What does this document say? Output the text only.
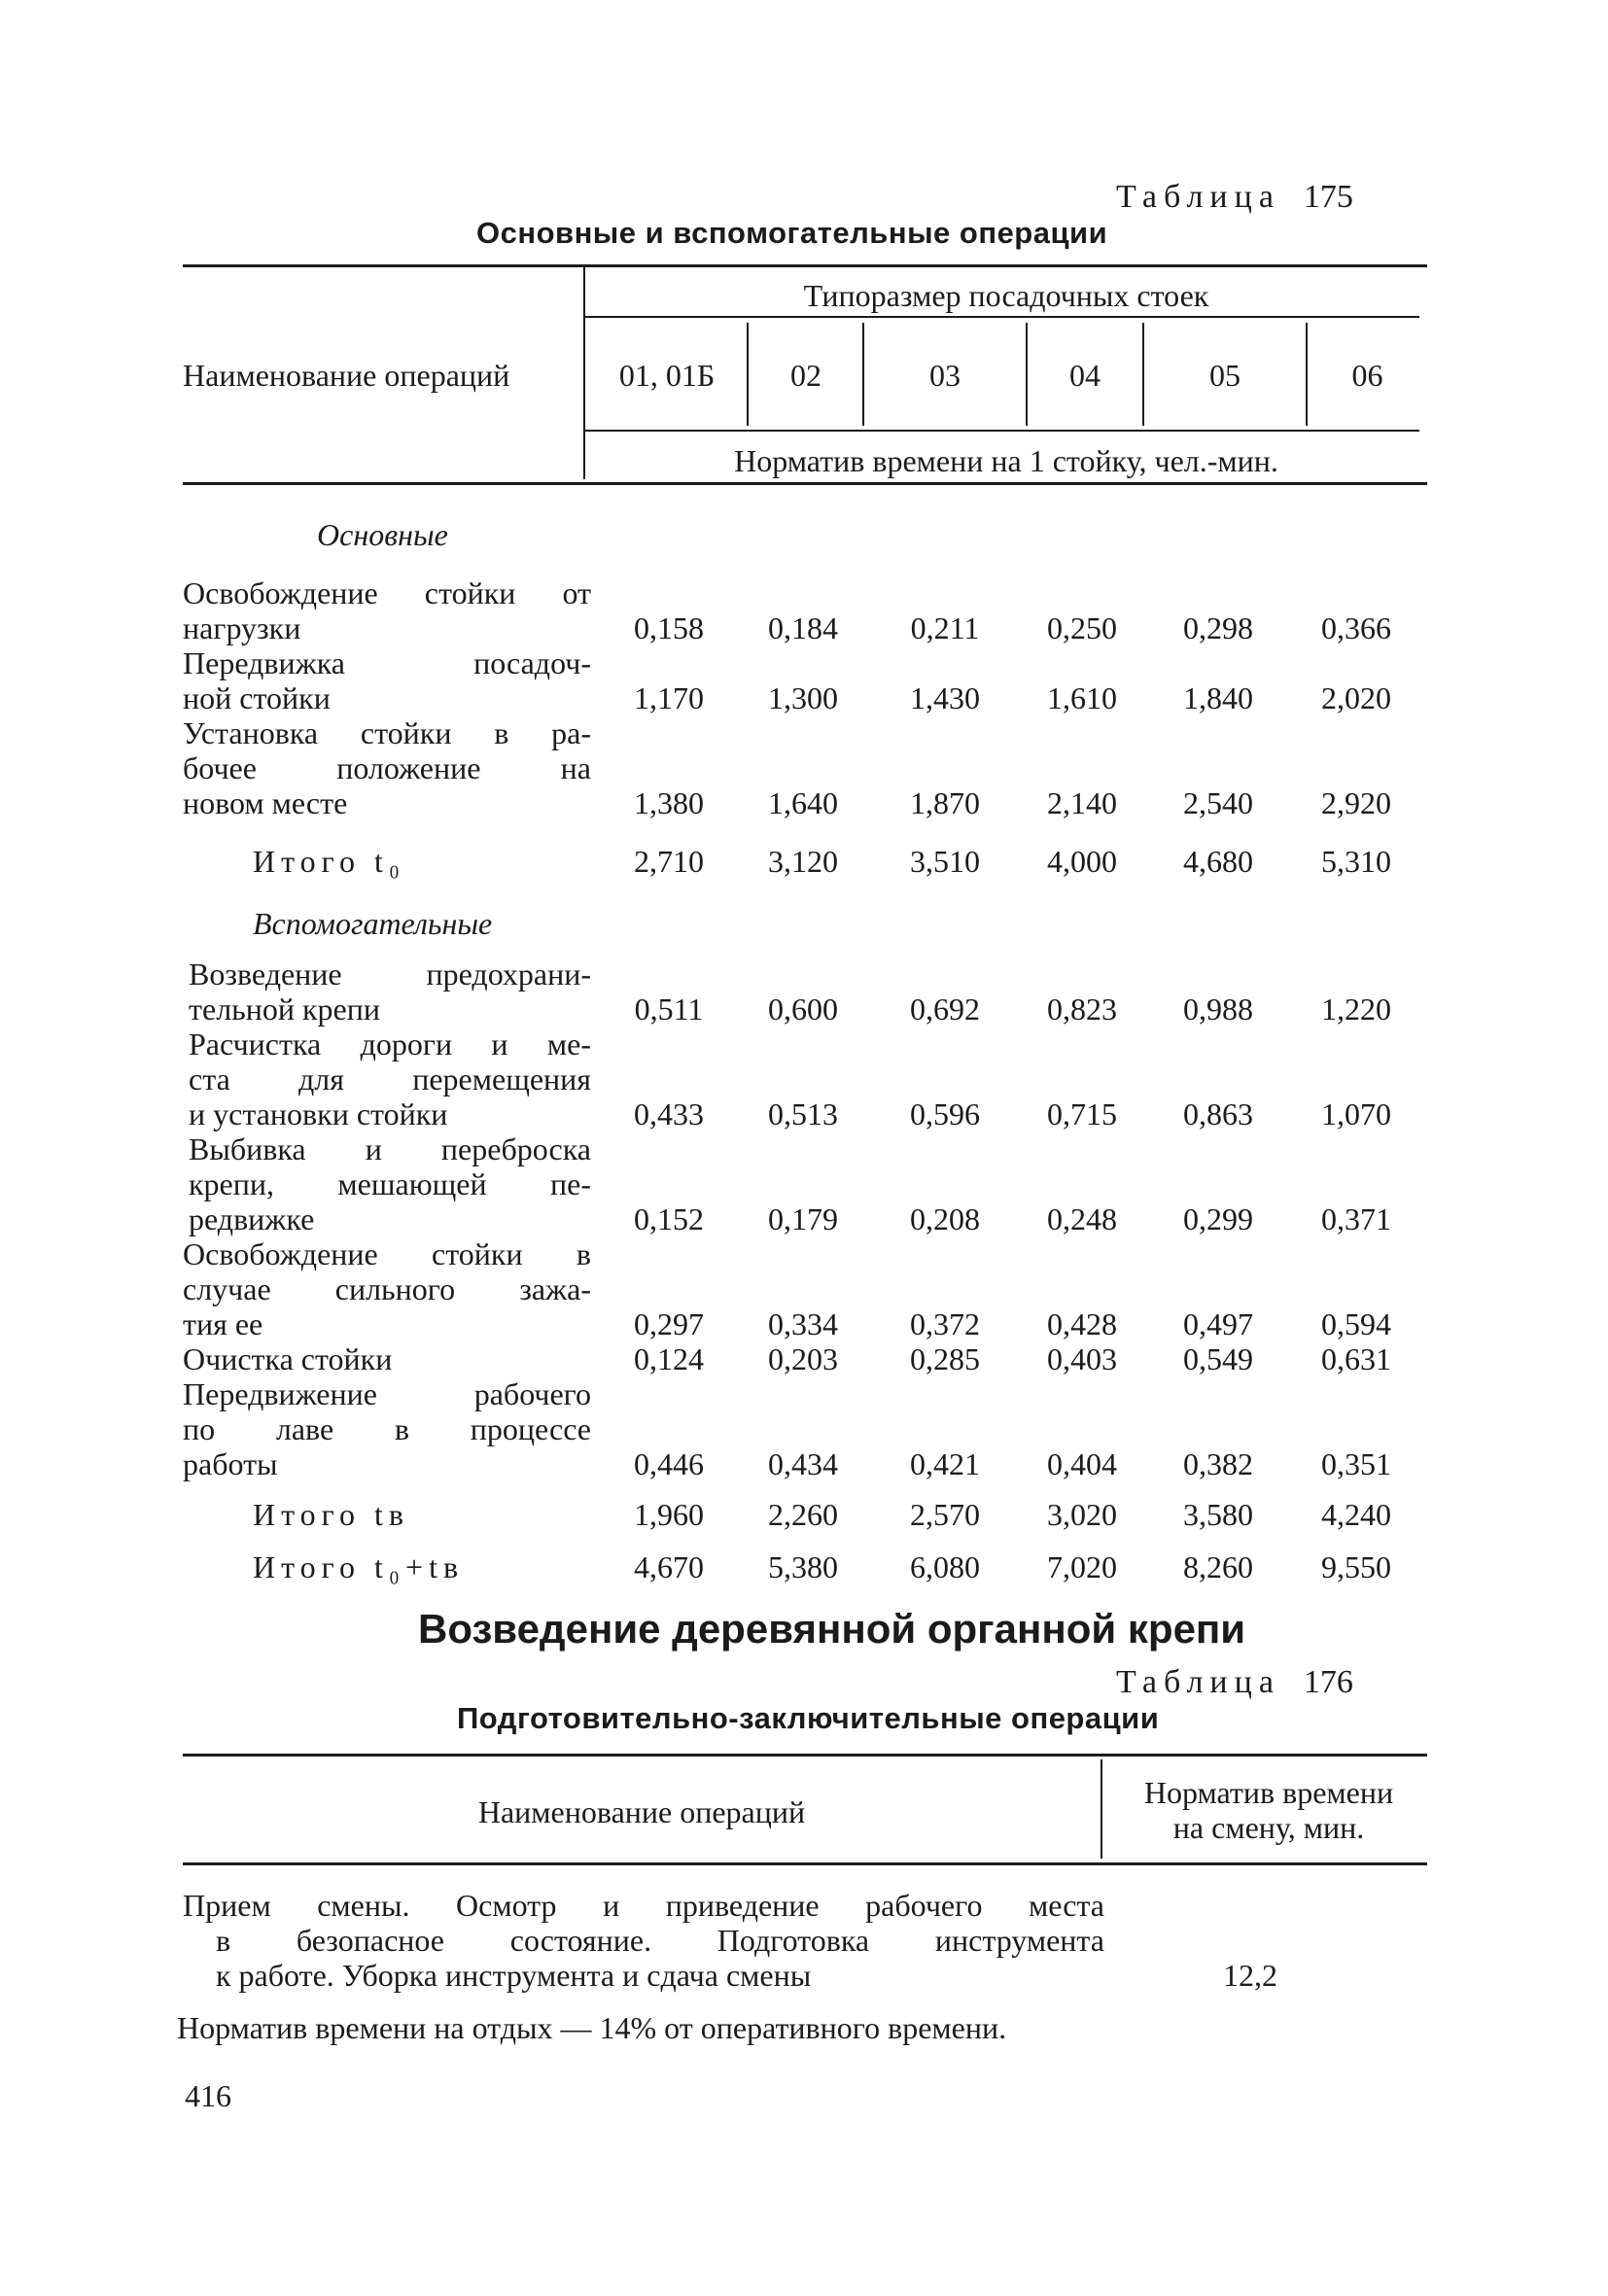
Таблица 175
Основные и вспомогательные операции
Наименование операций
Типоразмер посадочных стоек
01, 01Б	02	03	04	05	06
Норматив времени на 1 стойку, чел.-мин.
Основные
Освобождение стойки от
нагрузки	0,158	0,184	0,211	0,250	0,298	0,366
Передвижка посадоч-
ной стойки	1,170	1,300	1,430	1,610	1,840	2,020
Установка стойки в ра-
бочее положение на
новом месте	1,380	1,640	1,870	2,140	2,540	2,920
Итого t₀	2,710	3,120	3,510	4,000	4,680	5,310
Вспомогательные
Возведение предохрани-
тельной крепи	0,511	0,600	0,692	0,823	0,988	1,220
Расчистка дороги и ме-
ста для перемещения
и установки стойки	0,433	0,513	0,596	0,715	0,863	1,070
Выбивка и переброска
крепи, мешающей пе-
редвижке	0,152	0,179	0,208	0,248	0,299	0,371
Освобождение стойки в
случае сильного зажа-
тия ее	0,297	0,334	0,372	0,428	0,497	0,594
Очистка стойки	0,124	0,203	0,285	0,403	0,549	0,631
Передвижение рабочего
по лаве в процессе
работы	0,446	0,434	0,421	0,404	0,382	0,351
Итого tв	1,960	2,260	2,570	3,020	3,580	4,240
Итого t₀+tв	4,670	5,380	6,080	7,020	8,260	9,550
Возведение деревянной органной крепи
Таблица 176
Подготовительно-заключительные операции
Наименование операций
Норматив времени
на смену, мин.
Прием смены. Осмотр и приведение рабочего места
в безопасное состояние. Подготовка инструмента
к работе. Уборка инструмента и сдача смены	12,2
Норматив времени на отдых — 14% от оперативного времени.
416
